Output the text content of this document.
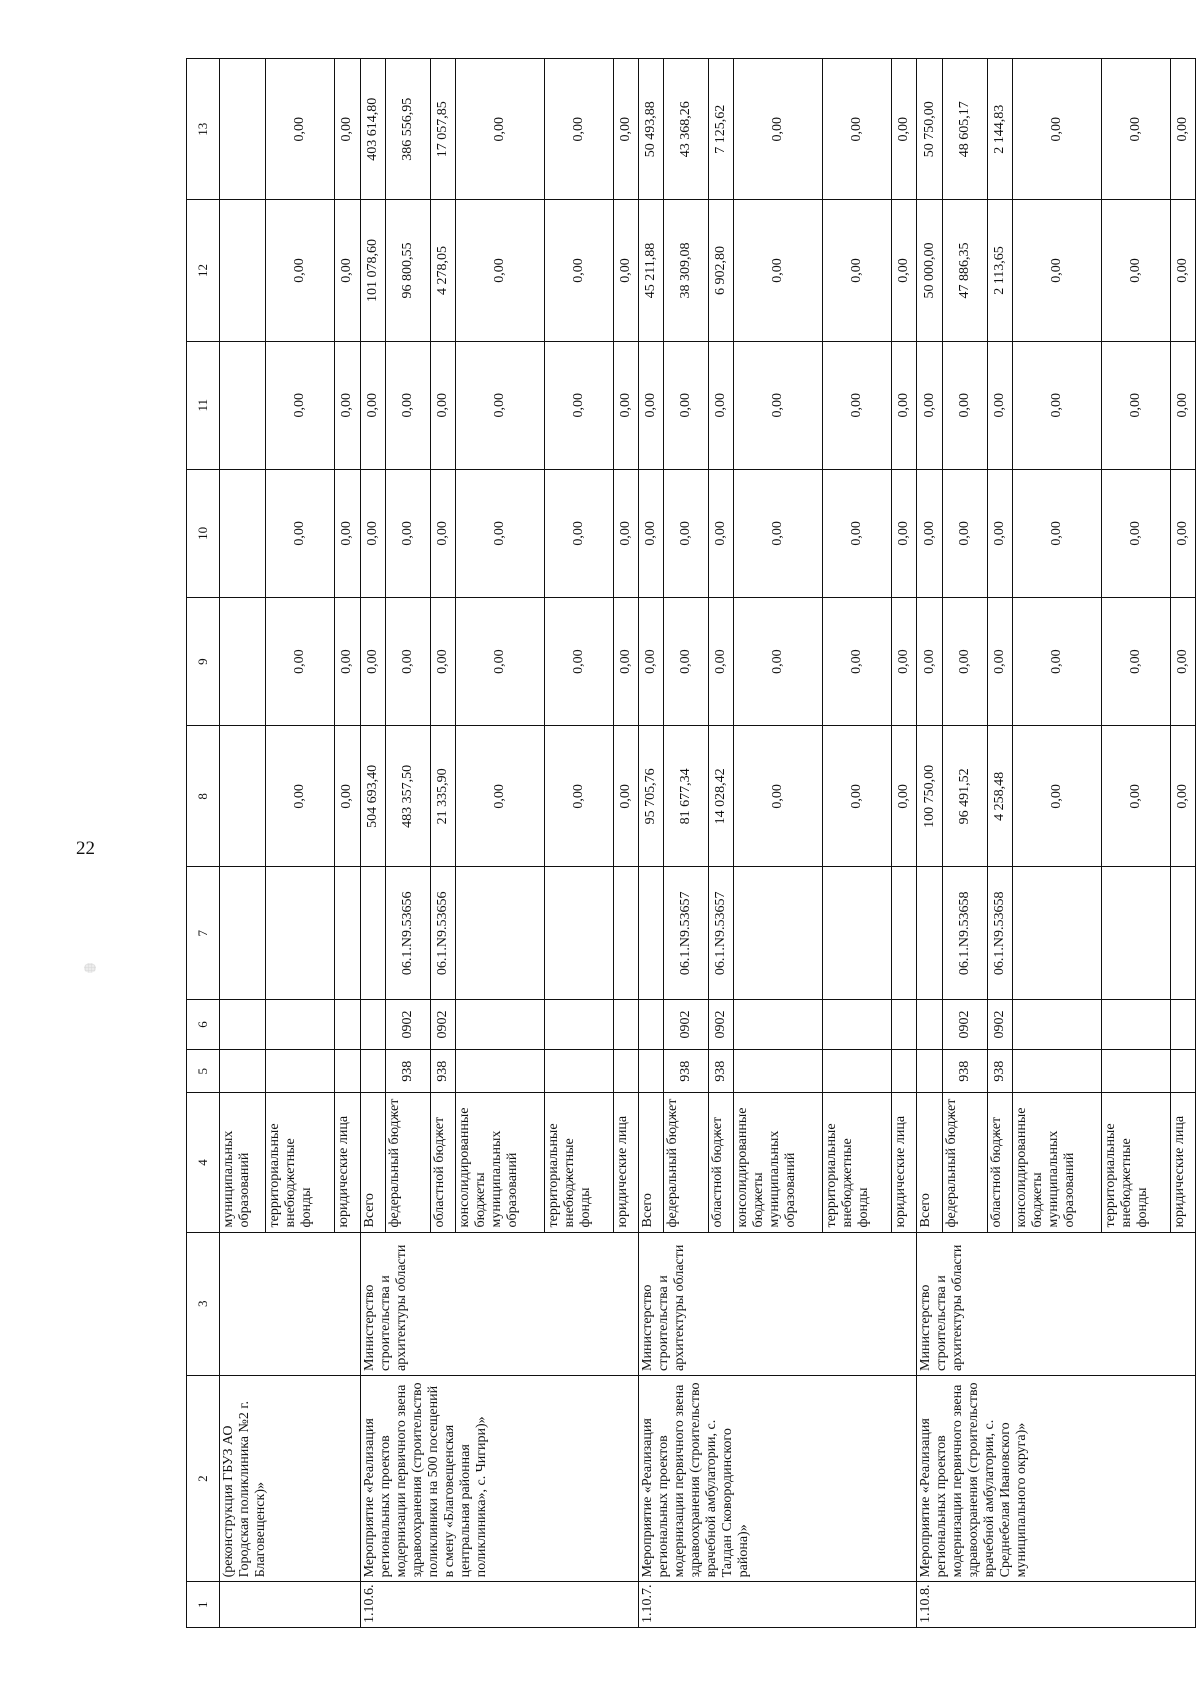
22
1	2	3	4	5	6	7	8	9	10	11	12	13
	(реконструкция ГБУЗ АО Городская поликлиника №2 г. Благовещенск)»		муниципальных образований									
			территориальные внебюджетные фонды				0,00	0,00	0,00	0,00	0,00	0,00
			юридические лица				0,00	0,00	0,00	0,00	0,00	0,00
1.10.6.	Мероприятие «Реализация региональных проектов модернизации первичного звена здравоохранения (строительство поликлиники на 500 посещений в смену «Благовещенская центральная районная поликлиника», с. Чигири)»	Министерство строительства и архитектуры области	Всего				504 693,40	0,00	0,00	0,00	101 078,60	403 614,80
			федеральный бюджет	938	0902	06.1.N9.53656	483 357,50	0,00	0,00	0,00	96 800,55	386 556,95
			областной бюджет	938	0902	06.1.N9.53656	21 335,90	0,00	0,00	0,00	4 278,05	17 057,85
			консолидированные бюджеты муниципальных образований				0,00	0,00	0,00	0,00	0,00	0,00
			территориальные внебюджетные фонды				0,00	0,00	0,00	0,00	0,00	0,00
			юридические лица				0,00	0,00	0,00	0,00	0,00	0,00
1.10.7.	Мероприятие «Реализация региональных проектов модернизации первичного звена здравоохранения (строительство врачебной амбулатории, с. Талдан Сковородинского района)»	Министерство строительства и архитектуры области	Всего				95 705,76	0,00	0,00	0,00	45 211,88	50 493,88
			федеральный бюджет	938	0902	06.1.N9.53657	81 677,34	0,00	0,00	0,00	38 309,08	43 368,26
			областной бюджет	938	0902	06.1.N9.53657	14 028,42	0,00	0,00	0,00	6 902,80	7 125,62
			консолидированные бюджеты муниципальных образований				0,00	0,00	0,00	0,00	0,00	0,00
			территориальные внебюджетные фонды				0,00	0,00	0,00	0,00	0,00	0,00
			юридические лица				0,00	0,00	0,00	0,00	0,00	0,00
1.10.8.	Мероприятие «Реализация региональных проектов модернизации первичного звена здравоохранения (строительство врачебной амбулатории, с. Среднебелая Ивановского муниципального округа)»	Министерство строительства и архитектуры области	Всего				100 750,00	0,00	0,00	0,00	50 000,00	50 750,00
			федеральный бюджет	938	0902	06.1.N9.53658	96 491,52	0,00	0,00	0,00	47 886,35	48 605,17
			областной бюджет	938	0902	06.1.N9.53658	4 258,48	0,00	0,00	0,00	2 113,65	2 144,83
			консолидированные бюджеты муниципальных образований				0,00	0,00	0,00	0,00	0,00	0,00
			территориальные внебюджетные фонды				0,00	0,00	0,00	0,00	0,00	0,00
			юридические лица				0,00	0,00	0,00	0,00	0,00	0,00
